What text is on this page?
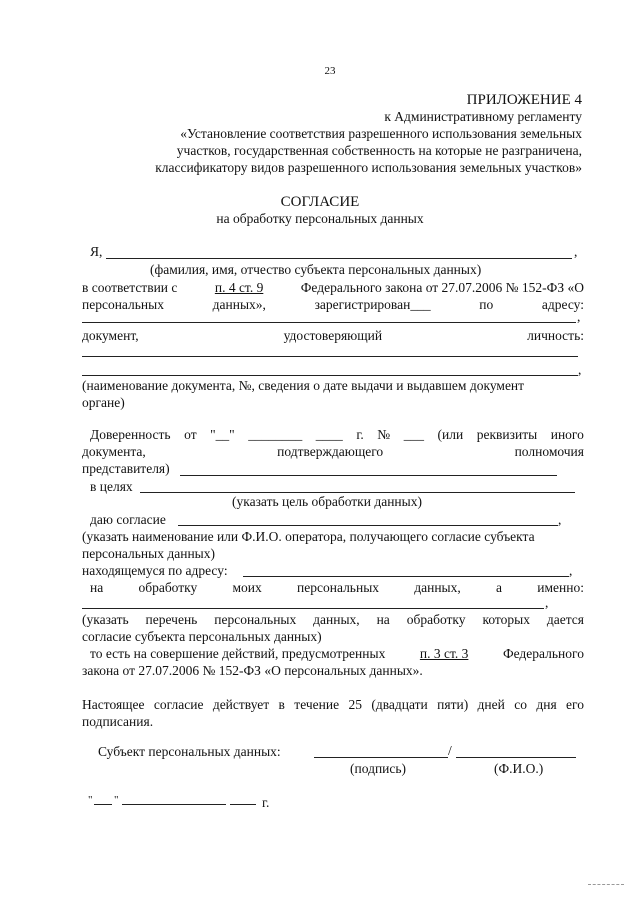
23
ПРИЛОЖЕНИЕ 4
к Административному регламенту
«Установление соответствия разрешенного использования земельных
участков, государственная собственность на которые не разграничена,
классификатору видов разрешенного использования земельных участков»
СОГЛАСИЕ
на обработку персональных данных
Я,	,
(фамилия, имя, отчество субъекта персональных данных)
в соответствии с	п. 4 ст. 9	Федерального закона от 27.07.2006 № 152-ФЗ «О
персональных	данных»,	зарегистрирован___	по	адресу:
,
документ,	удостоверяющий	личность:
,
(наименование документа, №, сведения о дате выдачи и выдавшем документ
органе)
Доверенность от "__" ________ ____ г. № ___ (или реквизиты иного
документа,	подтверждающего	полномочия
представителя)
в целях
(указать цель обработки данных)
даю согласие	,
(указать наименование или Ф.И.О. оператора, получающего согласие субъекта
персональных данных)
находящемуся по адресу:	,
на	обработку	моих	персональных	данных,	а	именно:
,
(указать перечень персональных данных, на обработку которых дается
согласие субъекта персональных данных)
то есть на совершение действий, предусмотренных	п. 3 ст. 3	Федерального
закона от 27.07.2006 № 152-ФЗ «О персональных данных».
Настоящее согласие действует в течение 25 (двадцати пяти) дней со дня его
подписания.
Субъект персональных данных:	/
(подпись)	(Ф.И.О.)
" "	г.
